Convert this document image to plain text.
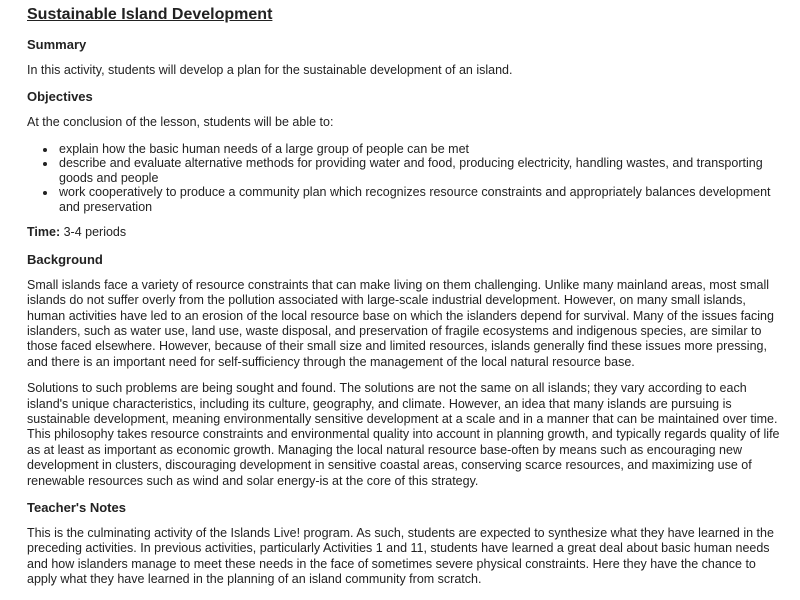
Sustainable Island Development
Summary

In this activity, students will develop a plan for the sustainable development of an island.

Objectives

At the conclusion of the lesson, students will be able to:

• explain how the basic human needs of a large group of people can be met
• describe and evaluate alternative methods for providing water and food, producing electricity, handling wastes, and transporting goods and people
• work cooperatively to produce a community plan which recognizes resource constraints and appropriately balances development and preservation

Time: 3-4 periods

Background

Small islands face a variety of resource constraints that can make living on them challenging. Unlike many mainland areas, most small islands do not suffer overly from the pollution associated with large-scale industrial development. However, on many small islands, human activities have led to an erosion of the local resource base on which the islanders depend for survival. Many of the issues facing islanders, such as water use, land use, waste disposal, and preservation of fragile ecosystems and indigenous species, are similar to those faced elsewhere. However, because of their small size and limited resources, islands generally find these issues more pressing, and there is an important need for self-sufficiency through the management of the local natural resource base.

Solutions to such problems are being sought and found. The solutions are not the same on all islands; they vary according to each island's unique characteristics, including its culture, geography, and climate. However, an idea that many islands are pursuing is sustainable development, meaning environmentally sensitive development at a scale and in a manner that can be maintained over time. This philosophy takes resource constraints and environmental quality into account in planning growth, and typically regards quality of life as at least as important as economic growth. Managing the local natural resource base-often by means such as encouraging new development in clusters, discouraging development in sensitive coastal areas, conserving scarce resources, and maximizing use of renewable resources such as wind and solar energy-is at the core of this strategy.

Teacher's Notes

This is the culminating activity of the Islands Live! program. As such, students are expected to synthesize what they have learned in the preceding activities. In previous activities, particularly Activities 1 and 11, students have learned a great deal about basic human needs and how islanders manage to meet these needs in the face of sometimes severe physical constraints. Here they have the chance to apply what they have learned in the planning of an island community from scratch.
